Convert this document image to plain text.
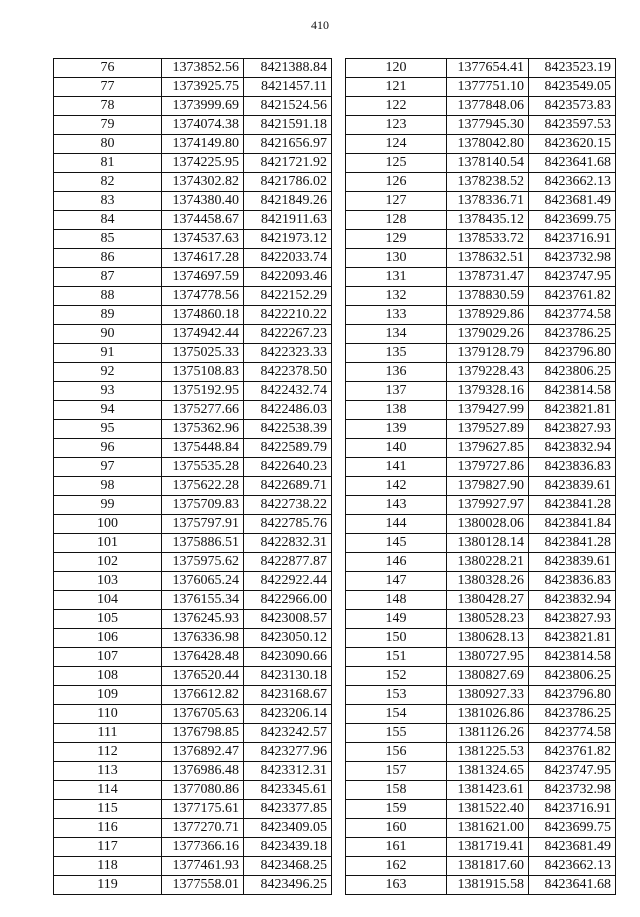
410
76	1373852.56	8421388.84
77	1373925.75	8421457.11
78	1373999.69	8421524.56
79	1374074.38	8421591.18
80	1374149.80	8421656.97
81	1374225.95	8421721.92
82	1374302.82	8421786.02
83	1374380.40	8421849.26
84	1374458.67	8421911.63
85	1374537.63	8421973.12
86	1374617.28	8422033.74
87	1374697.59	8422093.46
88	1374778.56	8422152.29
89	1374860.18	8422210.22
90	1374942.44	8422267.23
91	1375025.33	8422323.33
92	1375108.83	8422378.50
93	1375192.95	8422432.74
94	1375277.66	8422486.03
95	1375362.96	8422538.39
96	1375448.84	8422589.79
97	1375535.28	8422640.23
98	1375622.28	8422689.71
99	1375709.83	8422738.22
100	1375797.91	8422785.76
101	1375886.51	8422832.31
102	1375975.62	8422877.87
103	1376065.24	8422922.44
104	1376155.34	8422966.00
105	1376245.93	8423008.57
106	1376336.98	8423050.12
107	1376428.48	8423090.66
108	1376520.44	8423130.18
109	1376612.82	8423168.67
110	1376705.63	8423206.14
111	1376798.85	8423242.57
112	1376892.47	8423277.96
113	1376986.48	8423312.31
114	1377080.86	8423345.61
115	1377175.61	8423377.85
116	1377270.71	8423409.05
117	1377366.16	8423439.18
118	1377461.93	8423468.25
119	1377558.01	8423496.25
120	1377654.41	8423523.19
121	1377751.10	8423549.05
122	1377848.06	8423573.83
123	1377945.30	8423597.53
124	1378042.80	8423620.15
125	1378140.54	8423641.68
126	1378238.52	8423662.13
127	1378336.71	8423681.49
128	1378435.12	8423699.75
129	1378533.72	8423716.91
130	1378632.51	8423732.98
131	1378731.47	8423747.95
132	1378830.59	8423761.82
133	1378929.86	8423774.58
134	1379029.26	8423786.25
135	1379128.79	8423796.80
136	1379228.43	8423806.25
137	1379328.16	8423814.58
138	1379427.99	8423821.81
139	1379527.89	8423827.93
140	1379627.85	8423832.94
141	1379727.86	8423836.83
142	1379827.90	8423839.61
143	1379927.97	8423841.28
144	1380028.06	8423841.84
145	1380128.14	8423841.28
146	1380228.21	8423839.61
147	1380328.26	8423836.83
148	1380428.27	8423832.94
149	1380528.23	8423827.93
150	1380628.13	8423821.81
151	1380727.95	8423814.58
152	1380827.69	8423806.25
153	1380927.33	8423796.80
154	1381026.86	8423786.25
155	1381126.26	8423774.58
156	1381225.53	8423761.82
157	1381324.65	8423747.95
158	1381423.61	8423732.98
159	1381522.40	8423716.91
160	1381621.00	8423699.75
161	1381719.41	8423681.49
162	1381817.60	8423662.13
163	1381915.58	8423641.68
